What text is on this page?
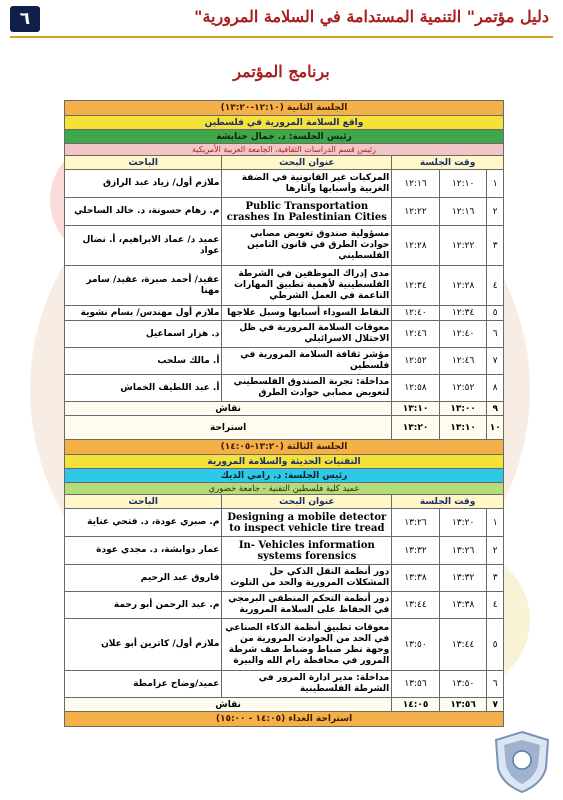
٦	دليل مؤتمر" التنمية المستدامة في السلامة المرورية"
برنامج المؤتمر
الجلسة الثانية (١٢:١٠-١٣:٢٠)				
واقع السلامة المرورية في فلسطين				
رئيس الجلسة: د. جمال حنايشة				
رئيس قسم الدراسات الثقافية، الجامعة العربية الأمريكية				
وقت الجلسة			عنوان البحث	الباحث
١	١٢:١٠	١٢:١٦	المركبات غير القانونية في الضفة الغربية وأسبابها وآثارها	ملازم أول/ زياد عبد الرازق
٢	١٢:١٦	١٢:٢٢	Public Transportation crashes In Palestinian Cities	م. رهام حسونة، د. خالد الساحلي
٣	١٢:٢٢	١٢:٢٨	مسؤولية صندوق تعويض مصابي حوادث الطرق في قانون التامين الفلسطيني	عميد د/ عماد الابراهيم، أ. نضال عواد
٤	١٢:٢٨	١٢:٣٤	مدى إدراك الموظفين في الشرطة الفلسطينية لأهمية تطبيق المهارات الناعمة في العمل الشرطي	عقيد/ أحمد صبرة، عقيد/ سامر مهنا
٥	١٢:٣٤	١٢:٤٠	النقاط السوداء أسبابها وسبل علاجها	ملازم أول مهندس/ بسام نشوية
٦	١٢:٤٠	١٢:٤٦	معوقات السلامة المرورية في ظل الاحتلال الاسرائيلي	د. هزار اسماعيل
٧	١٢:٤٦	١٢:٥٢	مؤشر ثقافة السلامة المرورية في فلسطين	أ. مالك سلحب
٨	١٢:٥٢	١٢:٥٨	مداخلة: تجربة الصندوق الفلسطيني لتعويض مصابي حوادث الطرق	أ. عبد اللطيف الخماش
٩	١٣:٠٠	١٣:١٠	نقاش	
١٠	١٣:١٠	١٣:٢٠	استراحة	
الجلسة الثالثة (١٣:٢٠-١٤:٠٥)				
التقنيات الحديثة والسلامة المرورية				
رئيس الجلسة: د. رامي الديك				
عميد كلية فلسطين التقنية - جامعة خضوري				
وقت الجلسة			عنوان البحث	الباحث
١	١٣:٢٠	١٣:٢٦	Designing a mobile detector to inspect vehicle tire tread	م. صبري عودة، د. فتحي عناية
٢	١٣:٢٦	١٣:٣٢	In- Vehicles information systems forensics	عمار دوابشة، د. مجدي عودة
٣	١٣:٣٢	١٣:٣٨	دور أنظمة النقل الذكي حل المشكلات المرورية والحد من التلوث	فاروق عبد الرحيم
٤	١٣:٣٨	١٣:٤٤	دور أنظمة التحكم المنطقي البرمجي في الحفاظ على السلامة المرورية	م. عبد الرحمن أبو رحمة
٥	١٣:٤٤	١٣:٥٠	معوقات تطبيق أنظمة الذكاء الصناعي في الحد من الحوادث المرورية من وجهة نظر ضباط وضباط صف شرطة المرور في محافظة رام الله والبيرة	ملازم أول/ كاترين أبو علان
٦	١٣:٥٠	١٣:٥٦	مداخلة: مدير ادارة المرور في الشرطة الفلسطينية	عميد/وضاح عزامطة
٧	١٣:٥٦	١٤:٠٥	نقاش	
استراحة الغداء (١٤:٠٥ - ١٥:٠٠)				
